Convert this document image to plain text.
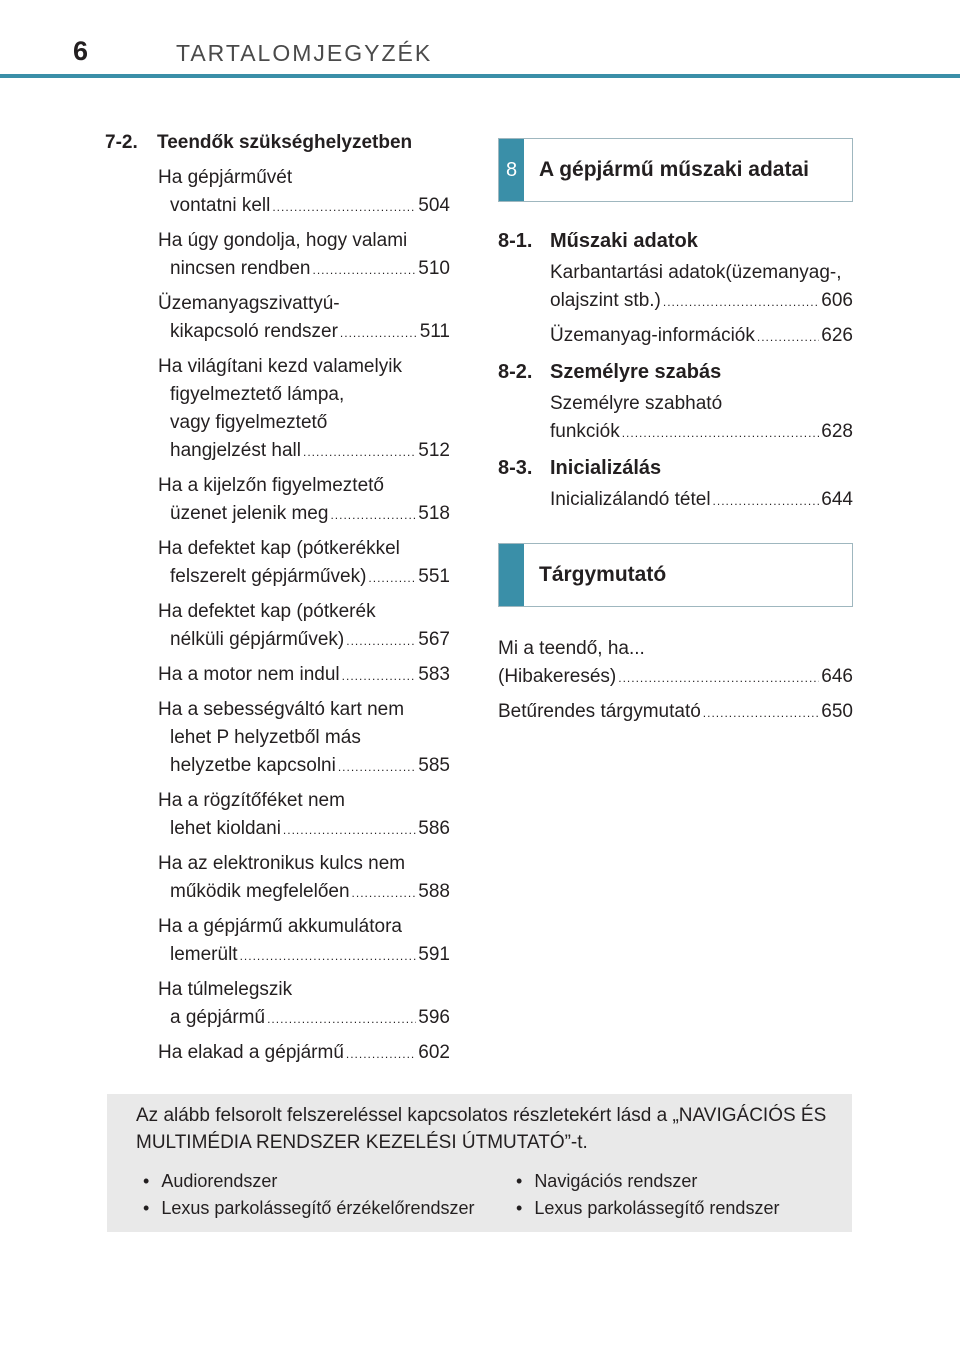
6	TARTALOMJEGYZÉK
7-2.	Teendők szükséghelyzetben
Ha gépjárművét
vontatni kell .....	504
Ha úgy gondolja, hogy valami
nincsen rendben .....	510
Üzemanyagszivattyú-
kikapcsoló rendszer .....	511
Ha világítani kezd valamelyik
figyelmeztető lámpa,
vagy figyelmeztető
hangjelzést hall .....	512
Ha a kijelzőn figyelmeztető
üzenet jelenik meg .....	518
Ha defektet kap (pótkerékkel
felszerelt gépjárművek) .....	551
Ha defektet kap (pótkerék
nélküli gépjárművek) .....	567
Ha a motor nem indul .....	583
Ha a sebességváltó kart nem
lehet P helyzetből más
helyzetbe kapcsolni .....	585
Ha a rögzítőféket nem
lehet kioldani .....	586
Ha az elektronikus kulcs nem
működik megfelelően .....	588
Ha a gépjármű akkumulátora
lemerült .....	591
Ha túlmelegszik
a gépjármű .....	596
Ha elakad a gépjármű .....	602
8	A gépjármű műszaki adatai
8-1. Műszaki adatok
Karbantartási adatok(üzemanyag-,
olajszint stb.) .....	606
Üzemanyag-információk .....	626
8-2. Személyre szabás
Személyre szabható
funkciók .....	628
8-3. Inicializálás
Inicializálandó tétel .....	644
Tárgymutató
Mi a teendő, ha...
(Hibakeresés) .....	646
Betűrendes tárgymutató .....	650
Az alább felsorolt felszereléssel kapcsolatos részletekért lásd a „NAVIGÁCIÓS ÉS MULTIMÉDIA RENDSZER KEZELÉSI ÚTMUTATÓ”-t.
• Audiorendszer	• Navigációs rendszer
• Lexus parkolássegítő érzékelőrendszer	• Lexus parkolássegítő rendszer
